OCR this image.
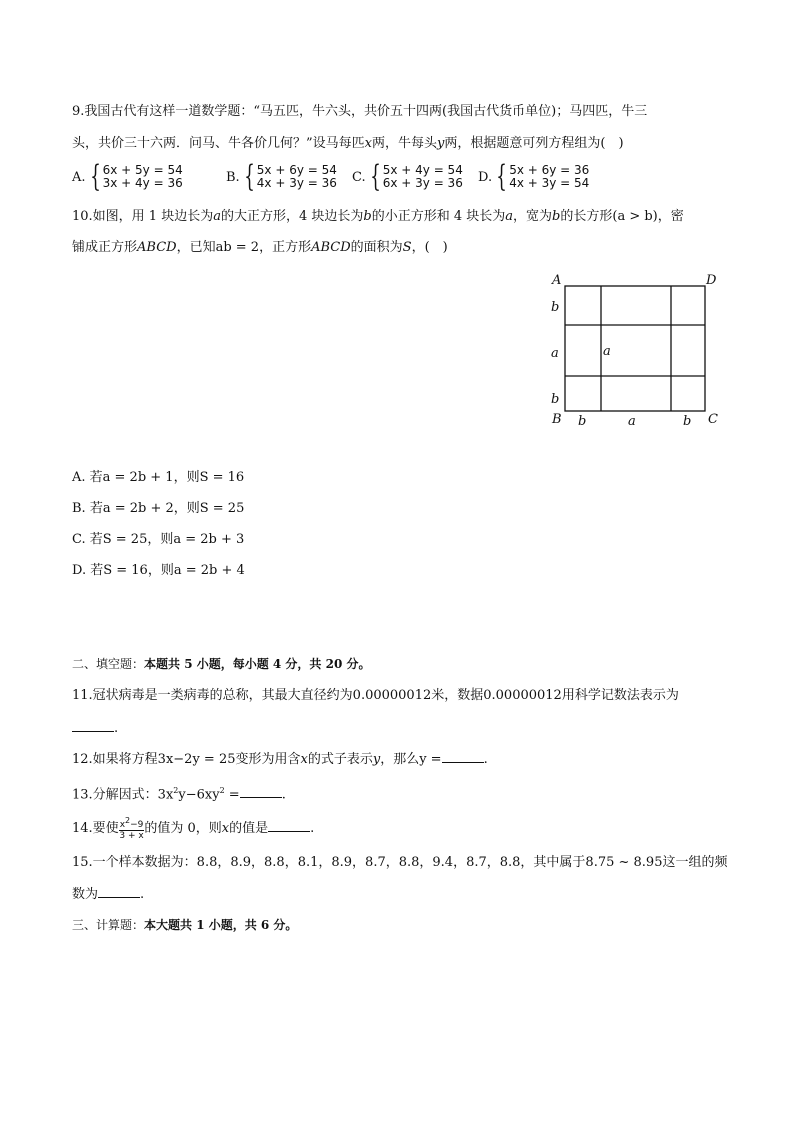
9.我国古代有这样一道数学题：“马五匹，牛六头，共价五十四两(我国古代货币单位)；马四匹，牛三
头，共价三十六两．问马、牛各价几何？”设马每匹x两，牛每头y两，根据题意可列方程组为(　)
A. { 6x + 5y = 54
3x + 4y = 36	B. { 5x + 6y = 54
4x + 3y = 36 C. { 5x + 4y = 54
6x + 3y = 36 D. { 5x + 6y = 36
4x + 3y = 54
10.如图，用 1 块边长为a的大正方形，4 块边长为b的小正方形和 4 块长为a，宽为b的长方形(a > b)，密
铺成正方形ABCD，已知ab = 2，正方形ABCD的面积为S，(　)
A	D
B	C
b
a
b
a
b	a	b
A. 若a = 2b + 1，则S = 16
B. 若a = 2b + 2，则S = 25
C. 若S = 25，则a = 2b + 3
D. 若S = 16，则a = 2b + 4
二、填空题：本题共 5 小题，每小题 4 分，共 20 分。
11.冠状病毒是一类病毒的总称，其最大直径约为0.00000012米，数据0.00000012用科学记数法表示为
.
12.如果将方程3x−2y = 25变形为用含x的式子表示y，那么y =	.
13.分解因式：$3x^2y-6xy^2$ =	.
14.要使 $\frac{x^2-9}{3 + x}$ 的值为 0，则x的值是	.
15.一个样本数据为：8.8，8.9，8.8，8.1，8.9，8.7，8.8，9.4，8.7，8.8，其中属于8.75 ~ 8.95这一组的频
数为	.
三、计算题：本大题共 1 小题，共 6 分。
